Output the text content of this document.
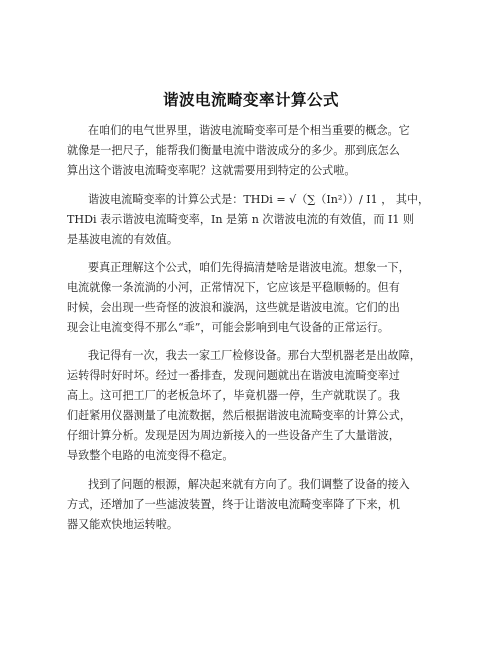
谐波电流畸变率计算公式
在咱们的电气世界里，谐波电流畸变率可是个相当重要的概念。它
就像是一把尺子，能帮我们衡量电流中谐波成分的多少。那到底怎么
算出这个谐波电流畸变率呢？这就需要用到特定的公式啦。
谐波电流畸变率的计算公式是：THDi = √（∑（In²））/ I1 ， 其中，
THDi 表示谐波电流畸变率，In 是第 n 次谐波电流的有效值，而 I1 则
是基波电流的有效值。
要真正理解这个公式，咱们先得搞清楚啥是谐波电流。想象一下，
电流就像一条流淌的小河，正常情况下，它应该是平稳顺畅的。但有
时候，会出现一些奇怪的波浪和漩涡，这些就是谐波电流。它们的出
现会让电流变得不那么“乖”，可能会影响到电气设备的正常运行。
我记得有一次，我去一家工厂检修设备。那台大型机器老是出故障，
运转得时好时坏。经过一番排查，发现问题就出在谐波电流畸变率过
高上。这可把工厂的老板急坏了，毕竟机器一停，生产就耽误了。我
们赶紧用仪器测量了电流数据，然后根据谐波电流畸变率的计算公式，
仔细计算分析。发现是因为周边新接入的一些设备产生了大量谐波，
导致整个电路的电流变得不稳定。
找到了问题的根源，解决起来就有方向了。我们调整了设备的接入
方式，还增加了一些滤波装置，终于让谐波电流畸变率降了下来，机
器又能欢快地运转啦。
